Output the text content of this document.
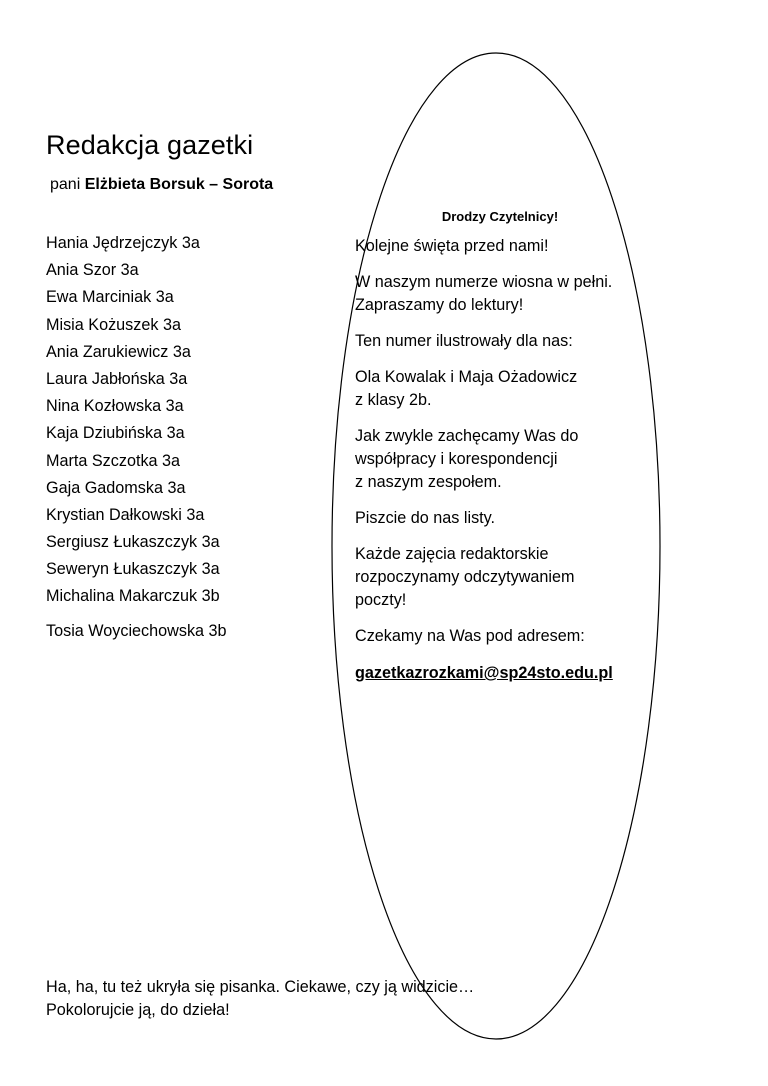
Redakcja gazetki
pani Elżbieta Borsuk – Sorota
Hania Jędrzejczyk 3a
Ania Szor 3a
Ewa Marciniak 3a
Misia Kożuszek 3a
Ania Zarukiewicz 3a
Laura Jabłońska 3a
Nina Kozłowska 3a
Kaja Dziubińska 3a
Marta Szczotka 3a
Gaja Gadomska 3a
Krystian Dałkowski 3a
Sergiusz Łukaszczyk 3a
Seweryn Łukaszczyk 3a
Michalina Makarczuk 3b
Tosia Woyciechowska 3b
Drodzy Czytelnicy!

Kolejne święta przed nami!

W naszym numerze wiosna w pełni.
Zapraszamy do lektury!

Ten numer ilustrowały dla nas:

Ola Kowalak i Maja Ożadowicz
z klasy 2b.

Jak zwykle zachęcamy Was do
współpracy i korespondencji
z naszym zespołem.

Piszcie do nas listy.

Każde zajęcia redaktorskie
rozpoczynamy odczytywaniem
poczty!

Czekamy na Was pod adresem:

gazetkazrozkami@sp24sto.edu.pl
Ha, ha, tu też ukryła się pisanka. Ciekawe, czy ją widzicie…
Pokolorujcie ją, do dzieła!
